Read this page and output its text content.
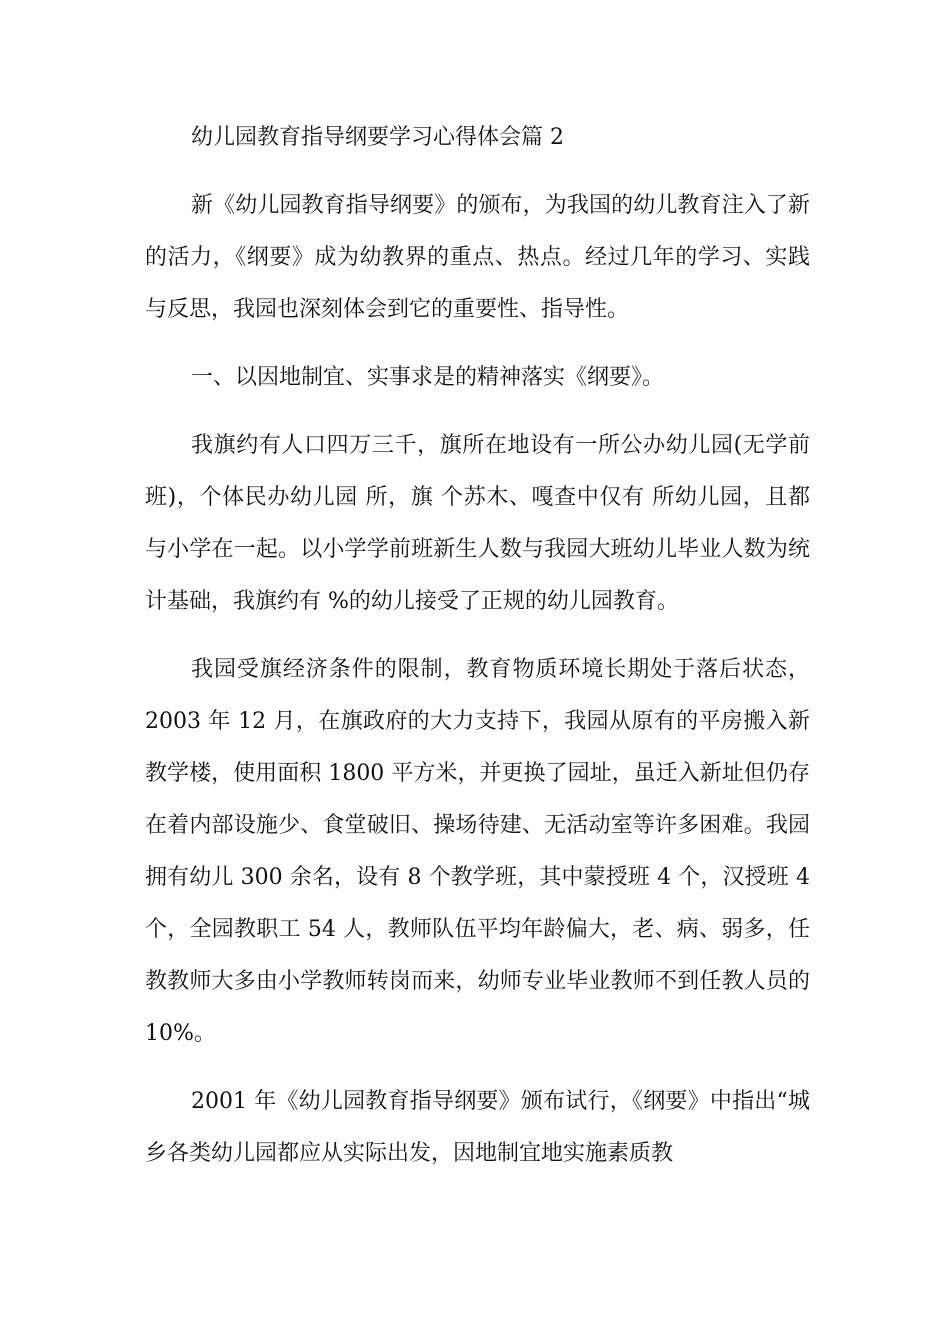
幼儿园教育指导纲要学习心得体会篇 2

新《幼儿园教育指导纲要》的颁布，为我国的幼儿教育注入了新的活力，《纲要》成为幼教界的重点、热点。经过几年的学习、实践与反思，我园也深刻体会到它的重要性、指导性。

一、以因地制宜、实事求是的精神落实《纲要》。

我旗约有人口四万三千，旗所在地设有一所公办幼儿园(无学前班)，个体民办幼儿园 所，旗 个苏木、嘎查中仅有 所幼儿园，且都与小学在一起。以小学学前班新生人数与我园大班幼儿毕业人数为统计基础，我旗约有 %的幼儿接受了正规的幼儿园教育。

我园受旗经济条件的限制，教育物质环境长期处于落后状态，2003 年 12 月，在旗政府的大力支持下，我园从原有的平房搬入新教学楼，使用面积 1800 平方米，并更换了园址，虽迁入新址但仍存在着内部设施少、食堂破旧、操场待建、无活动室等许多困难。我园拥有幼儿 300 余名，设有 8 个教学班，其中蒙授班 4 个，汉授班 4 个，全园教职工 54 人，教师队伍平均年龄偏大，老、病、弱多，任教教师大多由小学教师转岗而来，幼师专业毕业教师不到任教人员的 10%。

2001 年《幼儿园教育指导纲要》颁布试行，《纲要》中指出“城乡各类幼儿园都应从实际出发，因地制宜地实施素质教
